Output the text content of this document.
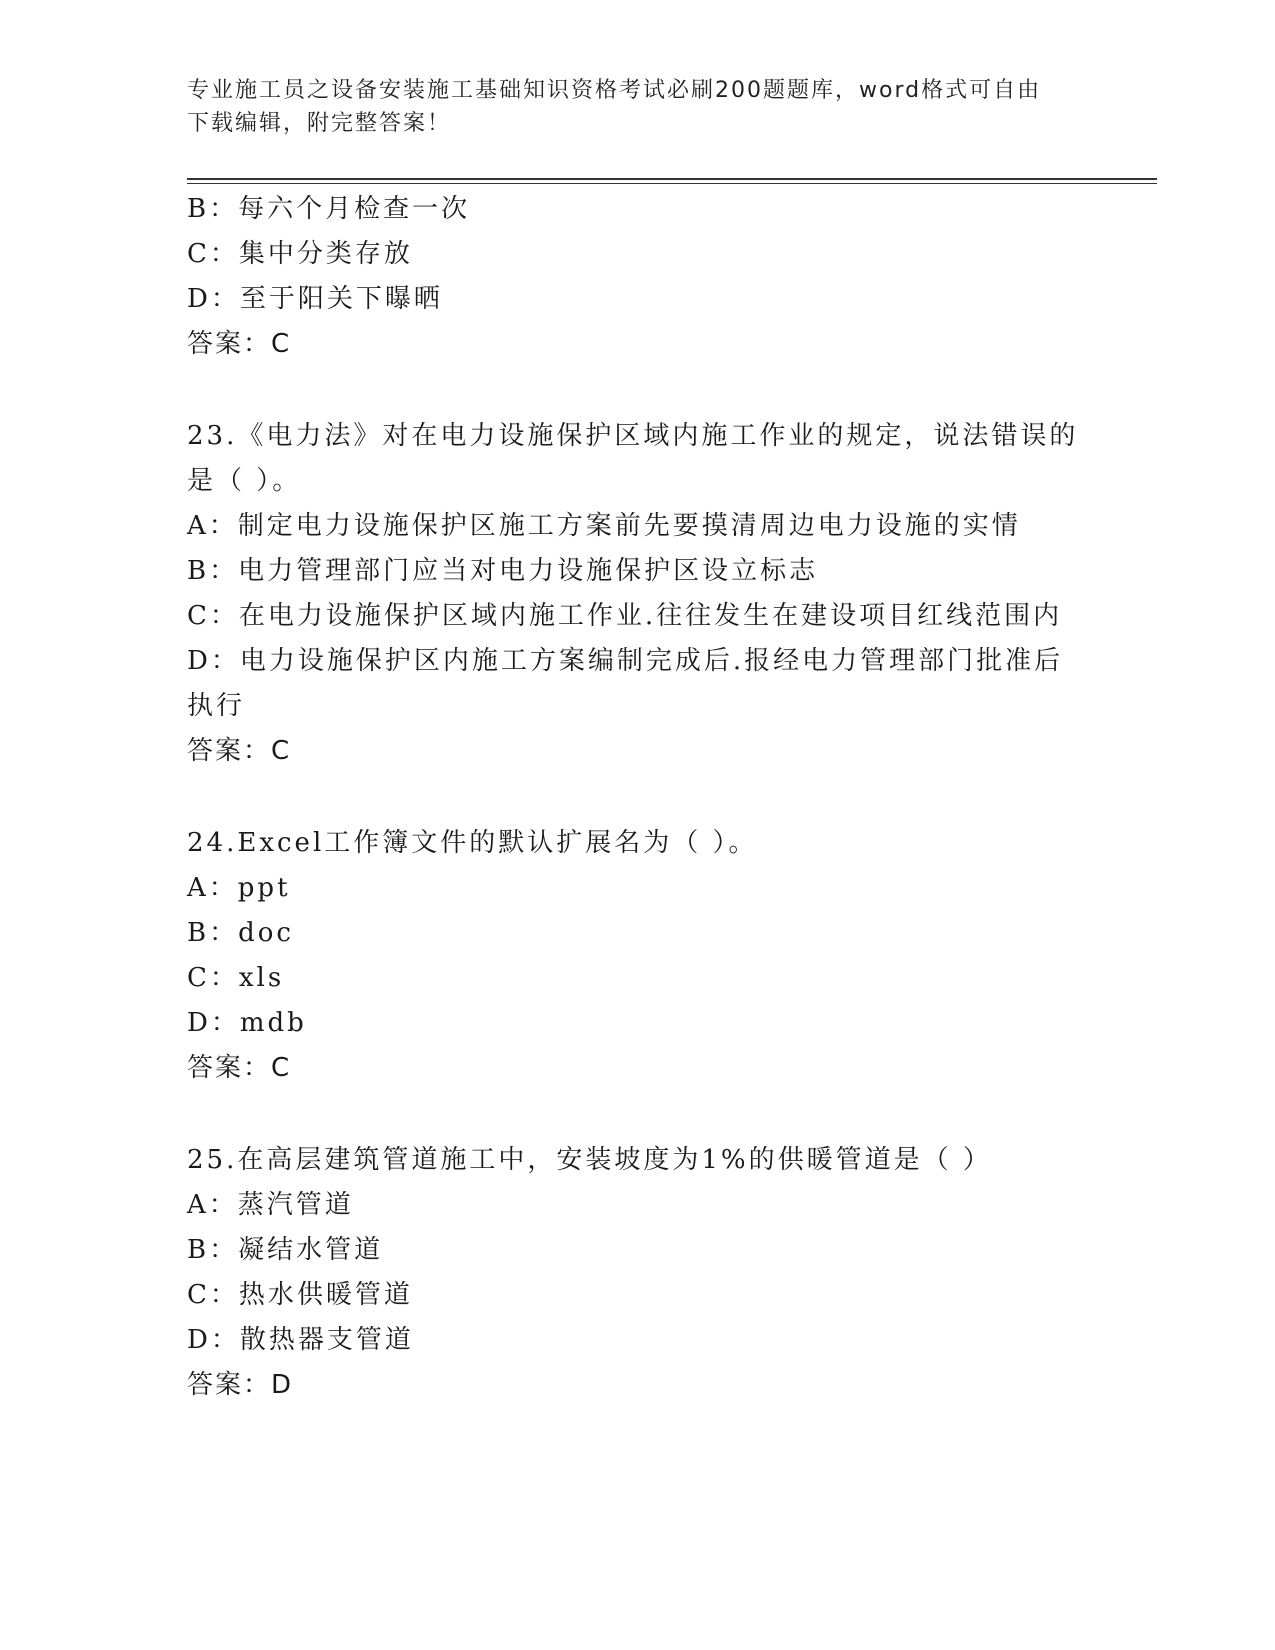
专业施工员之设备安装施工基础知识资格考试必刷200题题库，word格式可自由
下载编辑，附完整答案！
B：每六个月检查一次
C：集中分类存放
D：至于阳关下曝晒
答案：C
23.《电力法》对在电力设施保护区域内施工作业的规定，说法错误的
是（ ）。
A：制定电力设施保护区施工方案前先要摸清周边电力设施的实情
B：电力管理部门应当对电力设施保护区设立标志
C：在电力设施保护区域内施工作业.往往发生在建设项目红线范围内
D：电力设施保护区内施工方案编制完成后.报经电力管理部门批准后
执行
答案：C
24.Excel工作簿文件的默认扩展名为（ ）。
A：ppt
B：doc
C：xls
D：mdb
答案：C
25.在高层建筑管道施工中，安装坡度为1%的供暖管道是（ ）
A：蒸汽管道
B：凝结水管道
C：热水供暖管道
D：散热器支管道
答案：D
